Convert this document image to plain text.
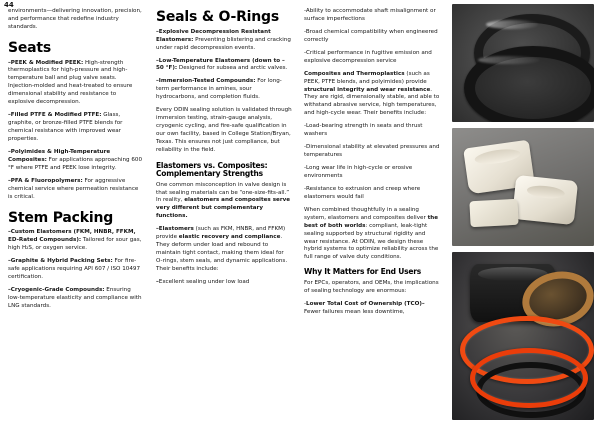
44

environments—delivering innovation, precision, and performance that redefine industry standards.

Seats

–PEEK & Modified PEEK: High-strength thermoplastics for high-pressure and high-temperature ball and plug valve seats. Injection-molded and heat-treated to ensure dimensional stability and resistance to explosive decompression.

–Filled PTFE & Modified PTFE: Glass, graphite, or bronze-filled PTFE blends for chemical resistance with improved wear properties.

–Polyimides & High-Temperature Composites: For applications approaching 600 °F where PTFE and PEEK lose integrity.

–PFA & Fluoropolymers: For aggressive chemical service where permeation resistance is critical.

Stem Packing

–Custom Elastomers (FKM, HNBR, FFKM, ED-Rated Compounds): Tailored for sour gas, high H₂S, or oxygen service.

–Graphite & Hybrid Packing Sets: For fire-safe applications requiring API 607 / ISO 10497 certification.

–Cryogenic-Grade Compounds: Ensuring low-temperature elasticity and compliance with LNG standards.

Seals & O-Rings

–Explosive Decompression Resistant Elastomers: Preventing blistering and cracking under rapid decompression events.

–Low-Temperature Elastomers (down to –50 °F): Designed for subsea and arctic valves.

–Immersion-Tested Compounds: For long-term performance in amines, sour hydrocarbons, and completion fluids.

Every ODIN sealing solution is validated through immersion testing, strain-gauge analysis, cryogenic cycling, and fire-safe qualification in our own facility, based in College Station/Bryan, Texas. This ensures not just compliance, but reliability in the field.

Elastomers vs. Composites: Complementary Strengths

One common misconception in valve design is that sealing materials can be “one-size-fits-all.” In reality, elastomers and composites serve very different but complementary functions.

–Elastomers (such as FKM, HNBR, and FFKM) provide elastic recovery and compliance. They deform under load and rebound to maintain tight contact, making them ideal for O-rings, stem seals, and dynamic applications. Their benefits include:

–Excellent sealing under low load

-Ability to accommodate shaft misalignment or surface imperfections

-Broad chemical compatibility when engineered correctly

-Critical performance in fugitive emission and explosive decompression service

Composites and Thermoplastics (such as PEEK, PTFE blends, and polyimides) provide structural integrity and wear resistance. They are rigid, dimensionally stable, and able to withstand abrasive service, high temperatures, and high-cycle wear. Their benefits include:

-Load-bearing strength in seats and thrust washers

-Dimensional stability at elevated pressures and temperatures

-Long wear life in high-cycle or erosive environments

-Resistance to extrusion and creep where elastomers would fail

When combined thoughtfully in a sealing system, elastomers and composites deliver the best of both worlds: compliant, leak-tight sealing supported by structural rigidity and wear resistance. At ODIN, we design these hybrid systems to optimize reliability across the full range of valve duty conditions.

Why It Matters for End Users

For EPCs, operators, and OEMs, the implications of sealing technology are enormous:

-Lower Total Cost of Ownership (TCO)– Fewer failures mean less downtime,
